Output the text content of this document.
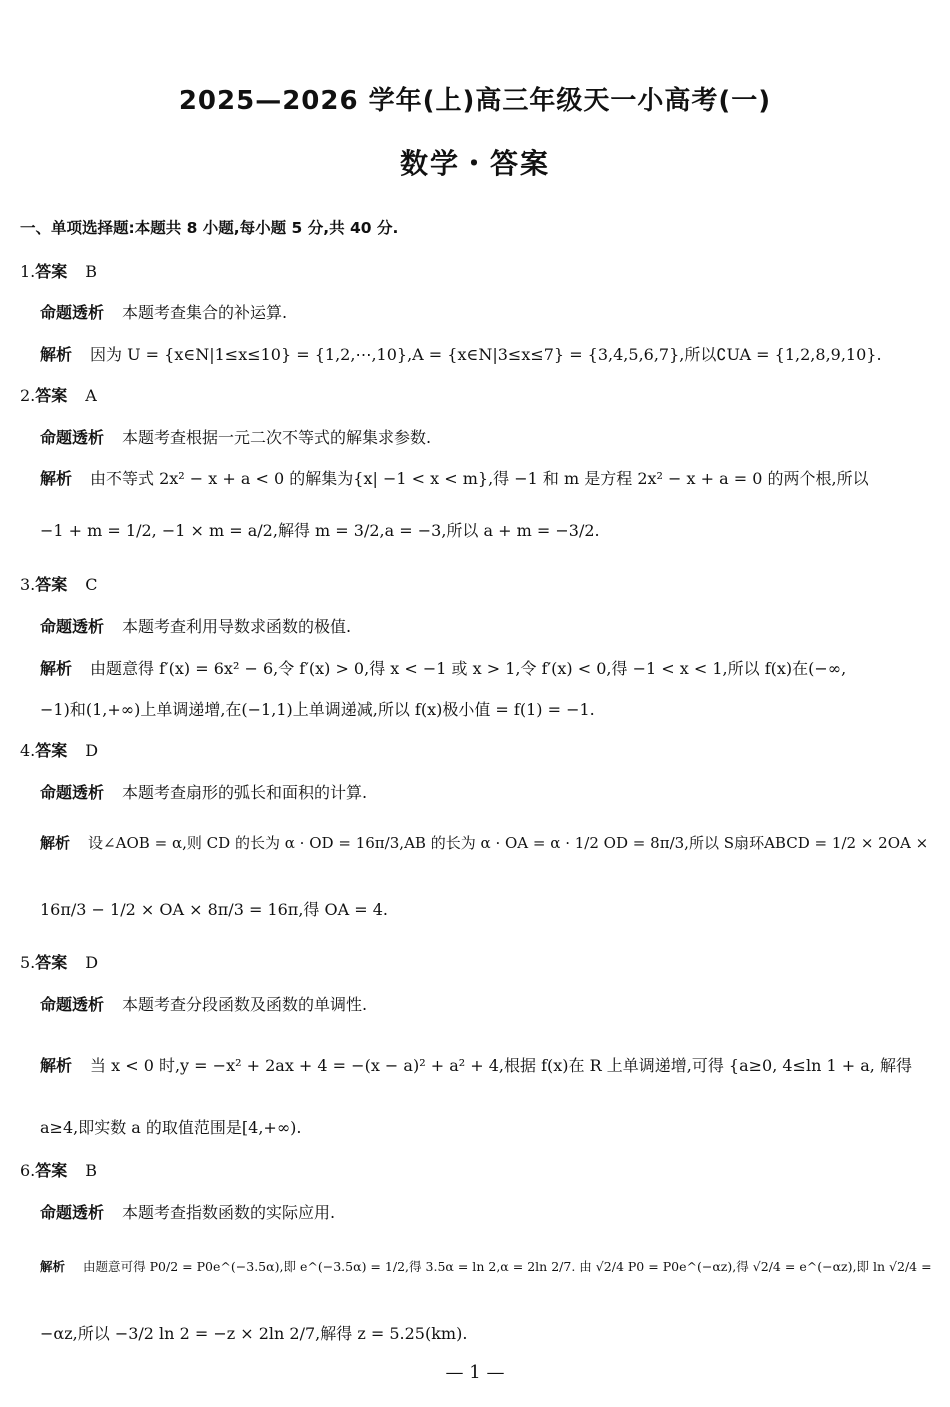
2025—2026 学年(上)高三年级天一小高考(一)
数学・答案
一、单项选择题:本题共 8 小题,每小题 5 分,共 40 分.
1.答案 B
命题透析 本题考查集合的补运算.
解析 因为 U = {x∈N|1≤x≤10} = {1,2,⋯,10},A = {x∈N|3≤x≤7} = {3,4,5,6,7},所以∁UA = {1,2,8,9,10}.
2.答案 A
命题透析 本题考查根据一元二次不等式的解集求参数.
解析 由不等式 2x² − x + a < 0 的解集为{x| −1 < x < m},得 −1 和 m 是方程 2x² − x + a = 0 的两个根,所以
−1 + m = 1/2, −1 × m = a/2,解得 m = 3/2,a = −3,所以 a + m = −3/2.
3.答案 C
命题透析 本题考查利用导数求函数的极值.
解析 由题意得 f′(x) = 6x² − 6,令 f′(x) > 0,得 x < −1 或 x > 1,令 f′(x) < 0,得 −1 < x < 1,所以 f(x)在(−∞,
−1)和(1,+∞)上单调递增,在(−1,1)上单调递减,所以 f(x)极小值 = f(1) = −1.
4.答案 D
命题透析 本题考查扇形的弧长和面积的计算.
解析 设∠AOB = α,则 CD 的长为 α · OD = 16π/3,AB 的长为 α · OA = α · 1/2 OD = 8π/3,所以 S扇环ABCD = 1/2 × 2OA ×
16π/3 − 1/2 × OA × 8π/3 = 16π,得 OA = 4.
5.答案 D
命题透析 本题考查分段函数及函数的单调性.
解析 当 x < 0 时,y = −x² + 2ax + 4 = −(x − a)² + a² + 4,根据 f(x)在 R 上单调递增,可得 {a≥0, 4≤ln 1 + a, 解得
a≥4,即实数 a 的取值范围是[4,+∞).
6.答案 B
命题透析 本题考查指数函数的实际应用.
解析 由题意可得 P0/2 = P0e^(−3.5α),即 e^(−3.5α) = 1/2,得 3.5α = ln 2,α = 2ln 2/7. 由 √2/4 P0 = P0e^(−αz),得 √2/4 = e^(−αz),即 ln √2/4 =
−αz,所以 −3/2 ln 2 = −z × 2ln 2/7,解得 z = 5.25(km).
— 1 —
